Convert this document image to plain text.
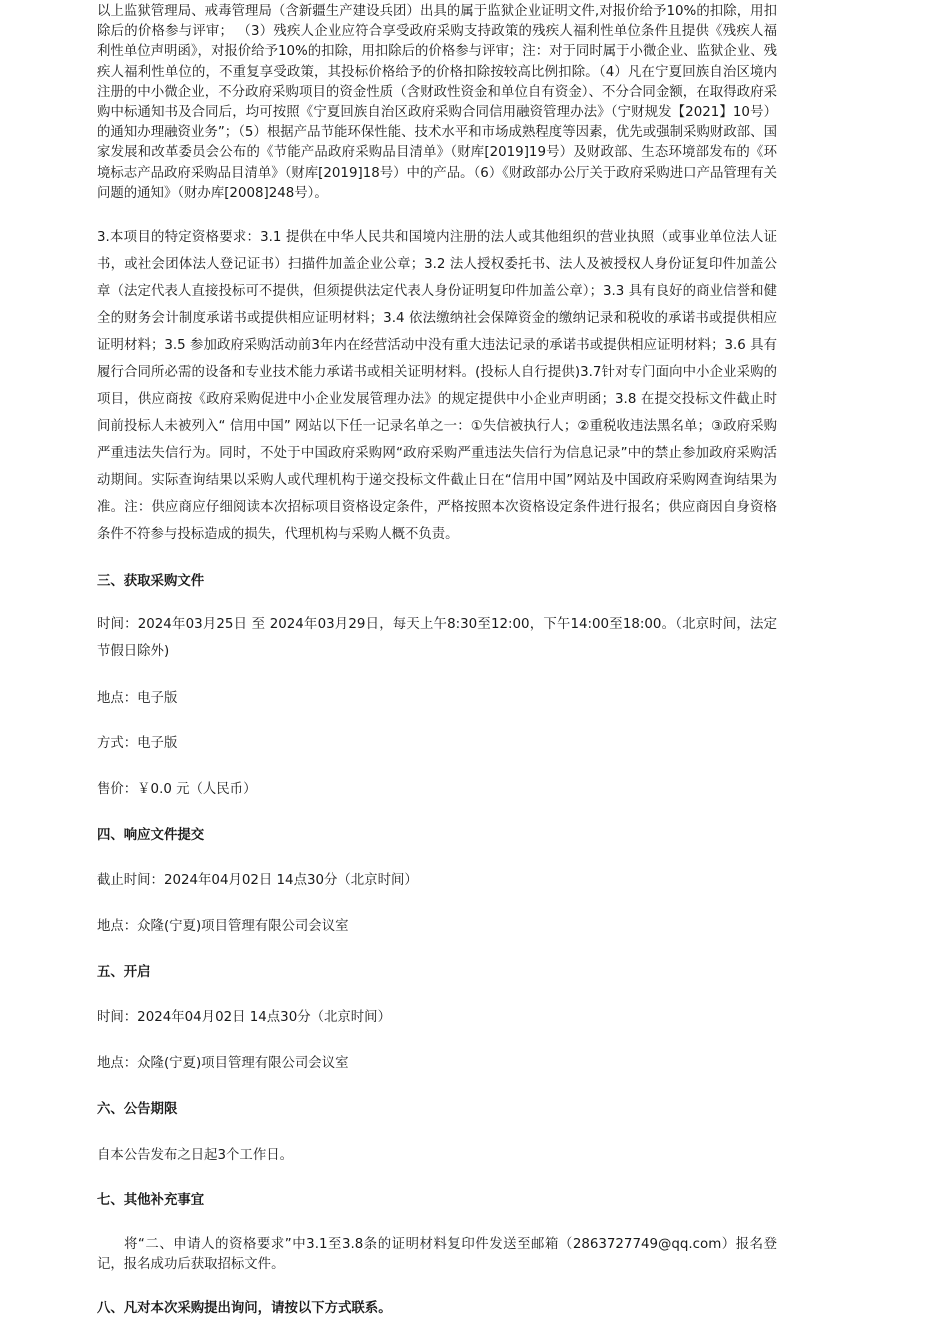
以上监狱管理局、戒毒管理局（含新疆生产建设兵团）出具的属于监狱企业证明文件,对报价给予10%的扣除，用扣除后的价格参与评审； （3）残疾人企业应符合享受政府采购支持政策的残疾人福利性单位条件且提供《残疾人福利性单位声明函》，对报价给予10%的扣除，用扣除后的价格参与评审；注：对于同时属于小微企业、监狱企业、残疾人福利性单位的，不重复享受政策，其投标价格给予的价格扣除按较高比例扣除。（4）凡在宁夏回族自治区境内注册的中小微企业，不分政府采购项目的资金性质（含财政性资金和单位自有资金）、不分合同金额，在取得政府采购中标通知书及合同后，均可按照《宁夏回族自治区政府采购合同信用融资管理办法》（宁财规发【2021】10号）的通知办理融资业务”；（5）根据产品节能环保性能、技术水平和市场成熟程度等因素，优先或强制采购财政部、国家发展和改革委员会公布的《节能产品政府采购品目清单》（财库[2019]19号）及财政部、生态环境部发布的《环境标志产品政府采购品目清单》（财库[2019]18号）中的产品。（6）《财政部办公厅关于政府采购进口产品管理有关问题的通知》（财办库[2008]248号）。

3.本项目的特定资格要求：3.1 提供在中华人民共和国境内注册的法人或其他组织的营业执照（或事业单位法人证书，或社会团体法人登记证书）扫描件加盖企业公章；3.2 法人授权委托书、法人及被授权人身份证复印件加盖公章（法定代表人直接投标可不提供，但须提供法定代表人身份证明复印件加盖公章）；3.3 具有良好的商业信誉和健全的财务会计制度承诺书或提供相应证明材料；3.4 依法缴纳社会保障资金的缴纳记录和税收的承诺书或提供相应证明材料；3.5 参加政府采购活动前3年内在经营活动中没有重大违法记录的承诺书或提供相应证明材料；3.6 具有履行合同所必需的设备和专业技术能力承诺书或相关证明材料。(投标人自行提供)3.7针对专门面向中小企业采购的项目，供应商按《政府采购促进中小企业发展管理办法》的规定提供中小企业声明函；3.8 在提交投标文件截止时间前投标人未被列入“ 信用中国” 网站以下任一记录名单之一：①失信被执行人；②重税收违法黑名单；③政府采购严重违法失信行为。同时，不处于中国政府采购网“政府采购严重违法失信行为信息记录”中的禁止参加政府采购活动期间。实际查询结果以采购人或代理机构于递交投标文件截止日在“信用中国”网站及中国政府采购网查询结果为准。注：供应商应仔细阅读本次招标项目资格设定条件，严格按照本次资格设定条件进行报名；供应商因自身资格条件不符参与投标造成的损失，代理机构与采购人概不负责。

三、获取采购文件

时间：2024年03月25日 至 2024年03月29日，每天上午8:30至12:00，下午14:00至18:00。（北京时间，法定节假日除外)

地点：电子版

方式：电子版

售价：￥0.0 元（人民币）

四、响应文件提交

截止时间：2024年04月02日 14点30分（北京时间）

地点：众隆(宁夏)项目管理有限公司会议室

五、开启

时间：2024年04月02日 14点30分（北京时间）

地点：众隆(宁夏)项目管理有限公司会议室

六、公告期限

自本公告发布之日起3个工作日。

七、其他补充事宜

将“二、申请人的资格要求”中3.1至3.8条的证明材料复印件发送至邮箱（2863727749@qq.com）报名登记，报名成功后获取招标文件。

八、凡对本次采购提出询问，请按以下方式联系。
